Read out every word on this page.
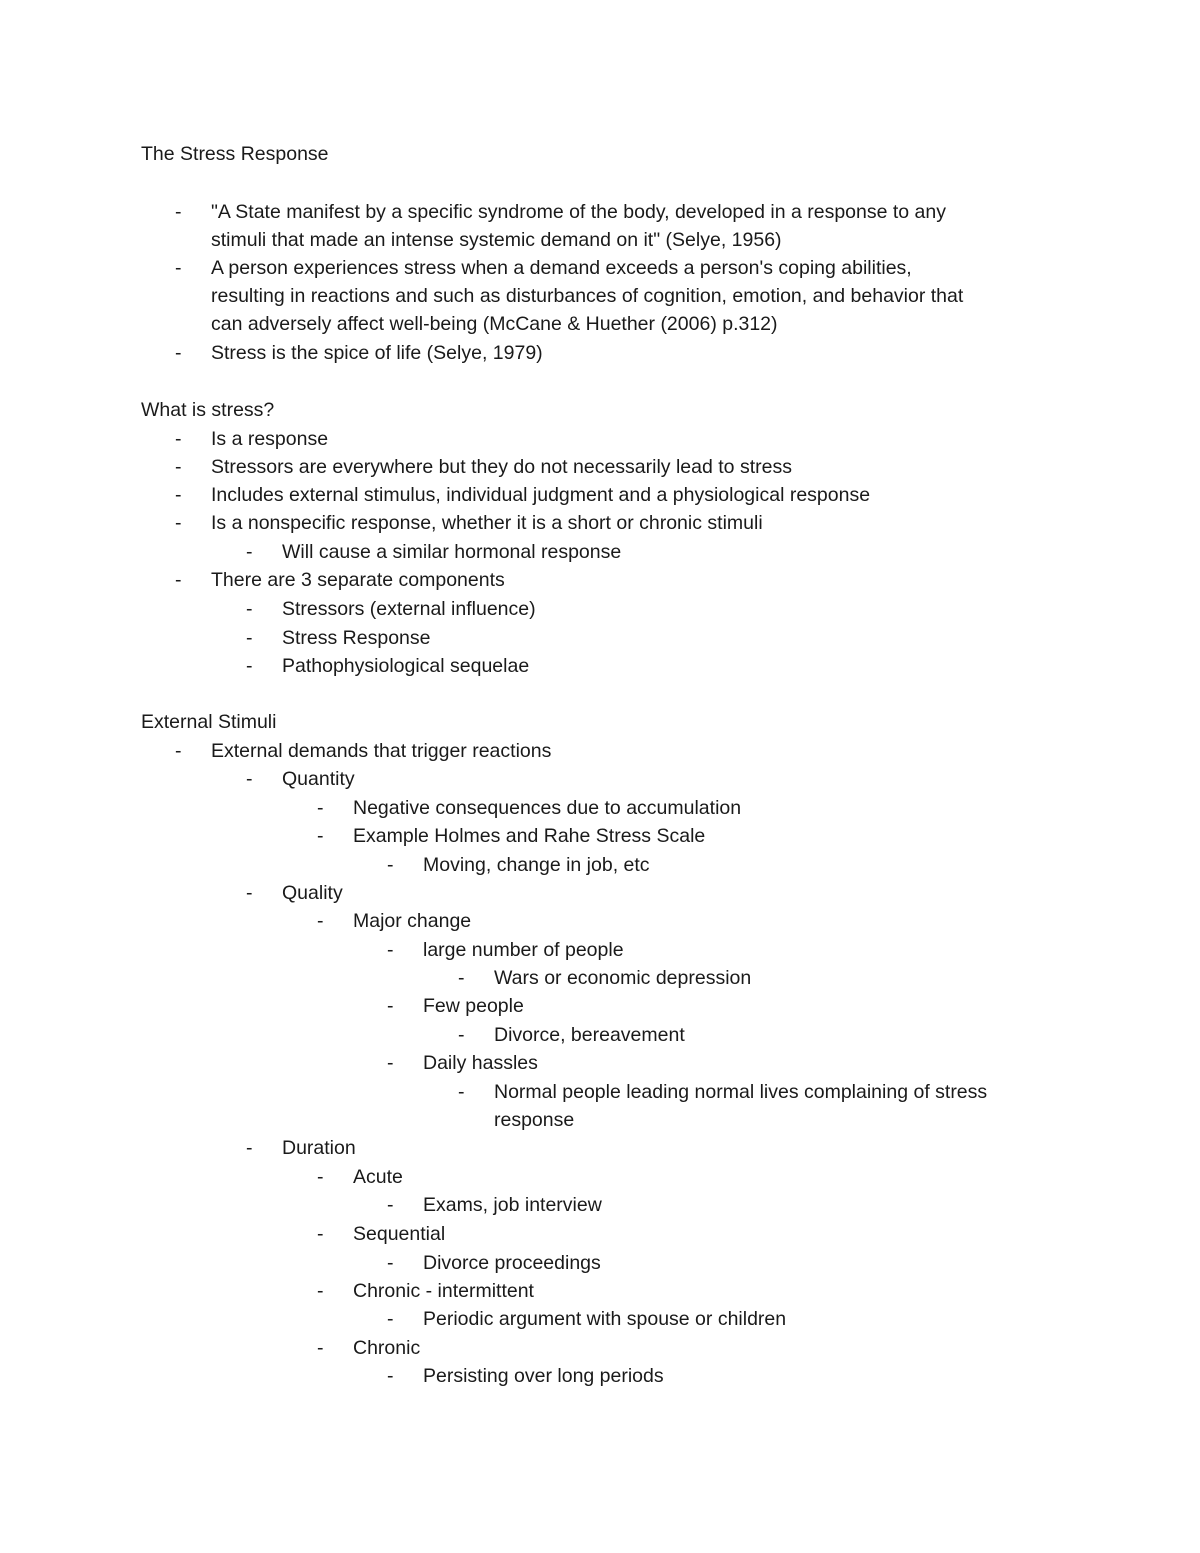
The Stress Response
- "A State manifest by a specific syndrome of the body, developed in a response to any
stimuli that made an intense systemic demand on it" (Selye, 1956)
- A person experiences stress when a demand exceeds a person's coping abilities,
resulting in reactions and such as disturbances of cognition, emotion, and behavior that
can adversely affect well-being (McCane & Huether (2006) p.312)
- Stress is the spice of life (Selye, 1979)
What is stress?
- Is a response
- Stressors are everywhere but they do not necessarily lead to stress
- Includes external stimulus, individual judgment and a physiological response
- Is a nonspecific response, whether it is a short or chronic stimuli
- Will cause a similar hormonal response
- There are 3 separate components
- Stressors (external influence)
- Stress Response
- Pathophysiological sequelae
External Stimuli
- External demands that trigger reactions
- Quantity
- Negative consequences due to accumulation
- Example Holmes and Rahe Stress Scale
- Moving, change in job, etc
- Quality
- Major change
- large number of people
- Wars or economic depression
- Few people
- Divorce, bereavement
- Daily hassles
- Normal people leading normal lives complaining of stress
response
- Duration
- Acute
- Exams, job interview
- Sequential
- Divorce proceedings
- Chronic - intermittent
- Periodic argument with spouse or children
- Chronic
- Persisting over long periods
